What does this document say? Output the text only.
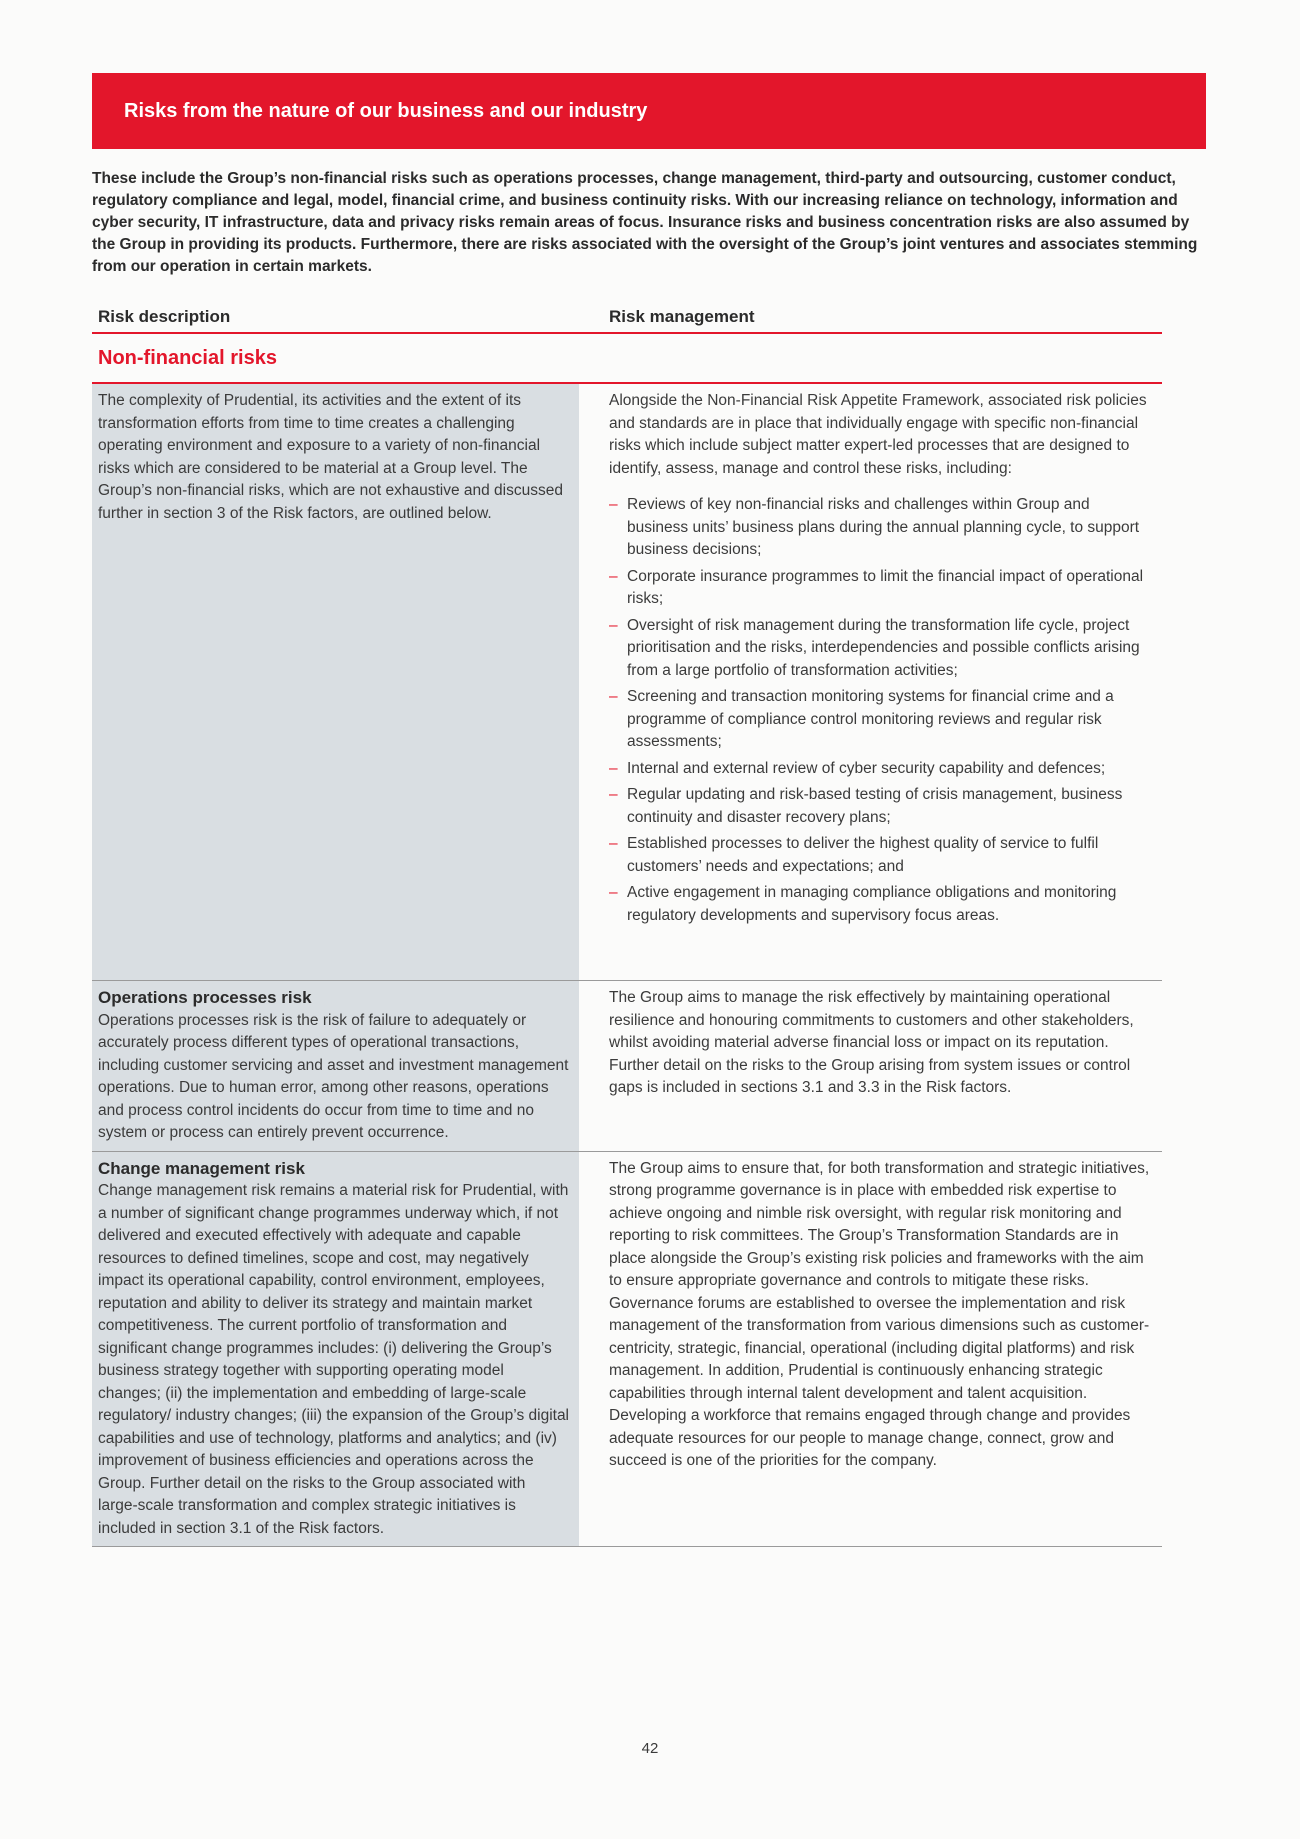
Risks from the nature of our business and our industry
These include the Group’s non-financial risks such as operations processes, change management, third-party and outsourcing, customer conduct, regulatory compliance and legal, model, financial crime, and business continuity risks. With our increasing reliance on technology, information and cyber security, IT infrastructure, data and privacy risks remain areas of focus. Insurance risks and business concentration risks are also assumed by the Group in providing its products. Furthermore, there are risks associated with the oversight of the Group’s joint ventures and associates stemming from our operation in certain markets.
Risk description	Risk management
Non-financial risks
The complexity of Prudential, its activities and the extent of its transformation efforts from time to time creates a challenging operating environment and exposure to a variety of non-financial risks which are considered to be material at a Group level. The Group’s non-financial risks, which are not exhaustive and discussed further in section 3 of the Risk factors, are outlined below.
Alongside the Non-Financial Risk Appetite Framework, associated risk policies and standards are in place that individually engage with specific non-financial risks which include subject matter expert-led processes that are designed to identify, assess, manage and control these risks, including:
– Reviews of key non-financial risks and challenges within Group and business units’ business plans during the annual planning cycle, to support business decisions;
– Corporate insurance programmes to limit the financial impact of operational risks;
– Oversight of risk management during the transformation life cycle, project prioritisation and the risks, interdependencies and possible conflicts arising from a large portfolio of transformation activities;
– Screening and transaction monitoring systems for financial crime and a programme of compliance control monitoring reviews and regular risk assessments;
– Internal and external review of cyber security capability and defences;
– Regular updating and risk-based testing of crisis management, business continuity and disaster recovery plans;
– Established processes to deliver the highest quality of service to fulfil customers’ needs and expectations; and
– Active engagement in managing compliance obligations and monitoring regulatory developments and supervisory focus areas.
Operations processes risk
Operations processes risk is the risk of failure to adequately or accurately process different types of operational transactions, including customer servicing and asset and investment management operations. Due to human error, among other reasons, operations and process control incidents do occur from time to time and no system or process can entirely prevent occurrence.
The Group aims to manage the risk effectively by maintaining operational resilience and honouring commitments to customers and other stakeholders, whilst avoiding material adverse financial loss or impact on its reputation. Further detail on the risks to the Group arising from system issues or control gaps is included in sections 3.1 and 3.3 in the Risk factors.
Change management risk
Change management risk remains a material risk for Prudential, with a number of significant change programmes underway which, if not delivered and executed effectively with adequate and capable resources to defined timelines, scope and cost, may negatively impact its operational capability, control environment, employees, reputation and ability to deliver its strategy and maintain market competitiveness. The current portfolio of transformation and significant change programmes includes: (i) delivering the Group’s business strategy together with supporting operating model changes; (ii) the implementation and embedding of large-scale regulatory/ industry changes; (iii) the expansion of the Group’s digital capabilities and use of technology, platforms and analytics; and (iv) improvement of business efficiencies and operations across the Group. Further detail on the risks to the Group associated with large-scale transformation and complex strategic initiatives is included in section 3.1 of the Risk factors.
The Group aims to ensure that, for both transformation and strategic initiatives, strong programme governance is in place with embedded risk expertise to achieve ongoing and nimble risk oversight, with regular risk monitoring and reporting to risk committees. The Group’s Transformation Standards are in place alongside the Group’s existing risk policies and frameworks with the aim to ensure appropriate governance and controls to mitigate these risks. Governance forums are established to oversee the implementation and risk management of the transformation from various dimensions such as customer-centricity, strategic, financial, operational (including digital platforms) and risk management. In addition, Prudential is continuously enhancing strategic capabilities through internal talent development and talent acquisition. Developing a workforce that remains engaged through change and provides adequate resources for our people to manage change, connect, grow and succeed is one of the priorities for the company.
42
